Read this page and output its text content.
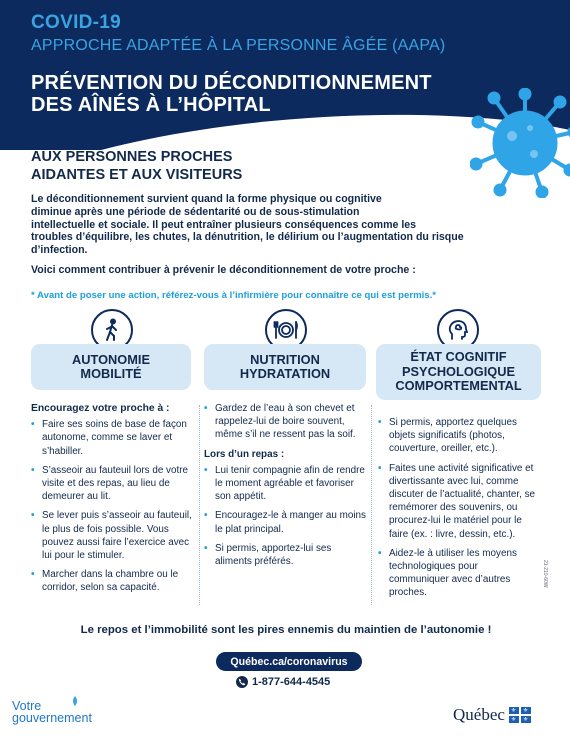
COVID-19
APPROCHE ADAPTÉE À LA PERSONNE ÂGÉE (AAPA)
PRÉVENTION DU DÉCONDITIONNEMENT
DES AÎNÉS À L’HÔPITAL
AUX PERSONNES PROCHES
AIDANTES ET AUX VISITEURS
Le déconditionnement survient quand la forme physique ou cognitive
diminue après une période de sédentarité ou de sous-stimulation
intellectuelle et sociale. Il peut entraîner plusieurs conséquences comme les
troubles d’équilibre, les chutes, la dénutrition, le délirium ou l’augmentation du risque
d’infection.
Voici comment contribuer à prévenir le déconditionnement de votre proche :
* Avant de poser une action, référez-vous à l’infirmière pour connaître ce qui est permis.*
AUTONOMIE
MOBILITÉ
NUTRITION
HYDRATATION
ÉTAT COGNITIF
PSYCHOLOGIQUE
COMPORTEMENTAL
Encouragez votre proche à :
• Faire ses soins de base de façon autonome, comme se laver et s’habiller.
• S’asseoir au fauteuil lors de votre visite et des repas, au lieu de demeurer au lit.
• Se lever puis s’asseoir au fauteuil, le plus de fois possible. Vous pouvez aussi faire l’exercice avec lui pour le stimuler.
• Marcher dans la chambre ou le corridor, selon sa capacité.
• Gardez de l’eau à son chevet et rappelez-lui de boire souvent, même s’il ne ressent pas la soif.
Lors d’un repas :
• Lui tenir compagnie afin de rendre le moment agréable et favoriser son appétit.
• Encouragez-le à manger au moins le plat principal.
• Si permis, apportez-lui ses aliments préférés.
• Si permis, apportez quelques objets significatifs (photos, couverture, oreiller, etc.).
• Faites une activité significative et divertissante avec lui, comme discuter de l’actualité, chanter, se remémorer des souvenirs, ou procurez-lui le matériel pour le faire (ex. : livre, dessin, etc.).
• Aidez-le à utiliser les moyens technologiques pour communiquer avec d’autres proches.
21-210-60W
Le repos et l’immobilité sont les pires ennemis du maintien de l’autonomie !
Québec.ca/coronavirus
1-877-644-4545
Votre
gouvernement	Québec ⚜ ⚜
⚜ ⚜
